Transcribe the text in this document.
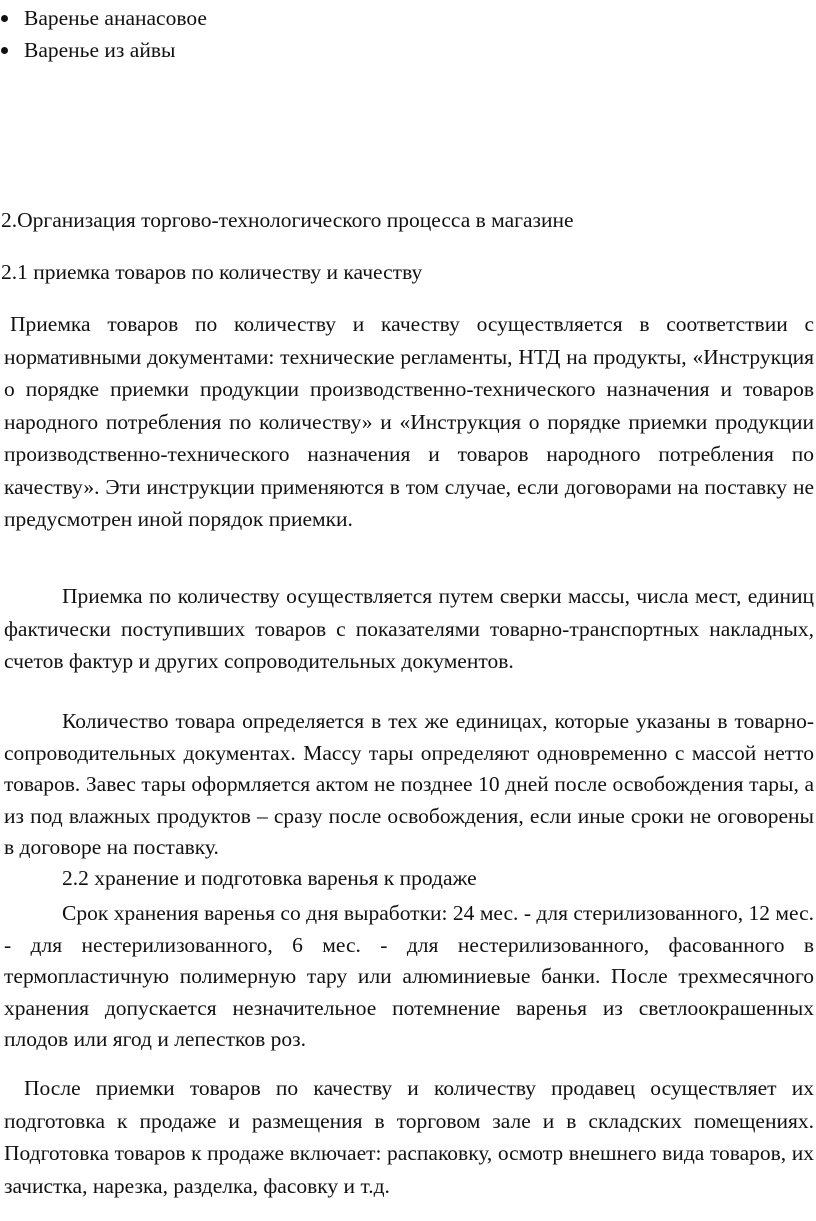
Варенье ананасовое
Варенье из айвы
2.Организация торгово-технологического процесса в магазине
2.1 приемка товаров по количеству и качеству

Приемка товаров по количеству и качеству осуществляется в соответствии с нормативными документами: технические регламенты, НТД на продукты, «Инструкция о порядке приемки продукции производственно-технического назначения и товаров народного потребления по количеству» и «Инструкция о порядке приемки продукции производственно-технического назначения и товаров народного потребления по качеству». Эти инструкции применяются в том случае, если договорами на поставку не предусмотрен иной порядок приемки.

Приемка по количеству осуществляется путем сверки массы, числа мест, единиц фактически поступивших товаров с показателями товарно-транспортных накладных, счетов фактур и других сопроводительных документов.

Количество товара определяется в тех же единицах, которые указаны в товарно-сопроводительных документах. Массу тары определяют одновременно с массой нетто товаров. Завес тары оформляется актом не позднее 10 дней после освобождения тары, а из под влажных продуктов – сразу после освобождения, если иные сроки не оговорены в договоре на поставку.

2.2 хранение и подготовка варенья к продаже

Срок хранения варенья со дня выработки: 24 мес. - для стерилизованного, 12 мес. - для нестерилизованного, 6 мес. - для нестерилизованного, фасованного в термопластичную полимерную тару или алюминиевые банки. После трехмесячного хранения допускается незначительное потемнение варенья из светлоокрашенных плодов или ягод и лепестков роз.

После приемки товаров по качеству и количеству продавец осуществляет их подготовка к продаже и размещения в торговом зале и в складских помещениях. Подготовка товаров к продаже включает: распаковку, осмотр внешнего вида товаров, их зачистка, нарезка, разделка, фасовку и т.д.
